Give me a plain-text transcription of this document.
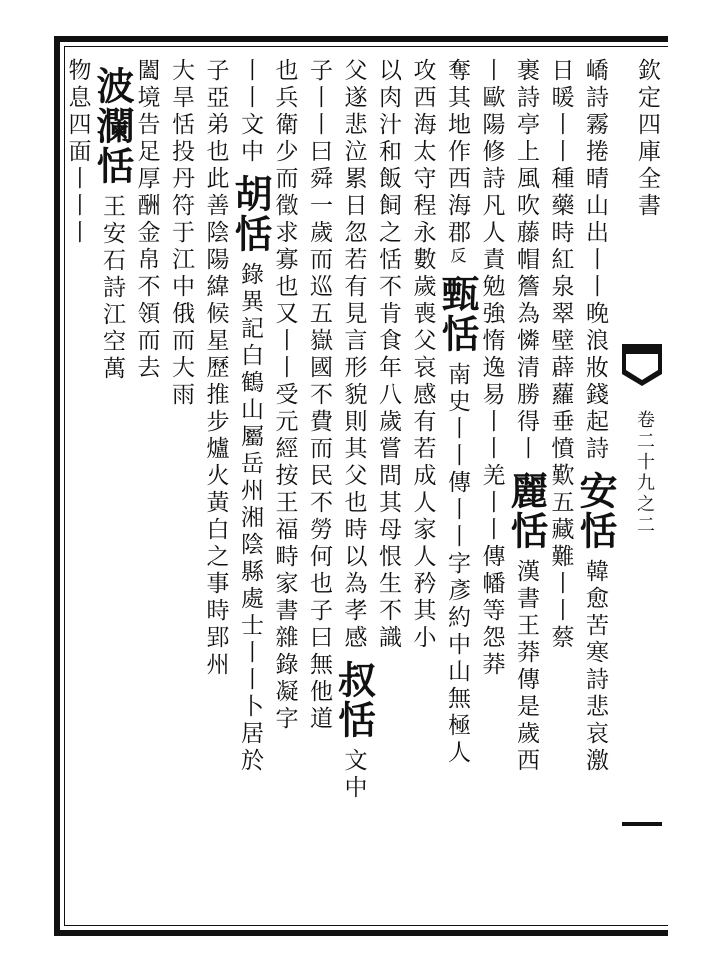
欽定四庫全書
卷二十九之二
嶠詩霧捲晴山出丨丨晚浪妝錢起詩
安恬
韓愈苦寒詩悲哀激
日暖丨丨種藥時紅泉翠壁薜蘿垂
憤歎五藏難丨丨蔡
裹詩亭上風吹藤帽簷為憐清勝得丨
麗恬
漢書王莽傳是歲西
丨歐陽修詩凡人責勉強惰逸易丨丨
羌丨丨傳幡等怨莽
奪其地作西海郡
反
甄恬
南史丨丨傳丨丨字彥約中山無極人
攻西海太守程永
數歲喪父哀感有若成人家人矜其小
以肉汁和飯飼之恬不肯食年八歲嘗問其母恨生不識
父遂悲泣累日忽若有見言形貌則其父也時以為孝感
叔恬
文中
子丨丨曰舜一歲而巡五嶽國不費而民不勞何也子曰無他道
也兵衛少而徵求寡也又丨丨受元經按王福畤家書雜錄凝字
丨丨文中
胡恬
錄異記白鶴山屬岳州湘陰縣處士丨丨卜居於
子亞弟也
此善陰陽緯候星歷推步爐火黃白之事時郢州
大旱恬投丹符于江中俄而大雨
闔境告足厚酬金帛不領而去
波瀾恬
王安石詩江空萬
物息四面丨丨丨
